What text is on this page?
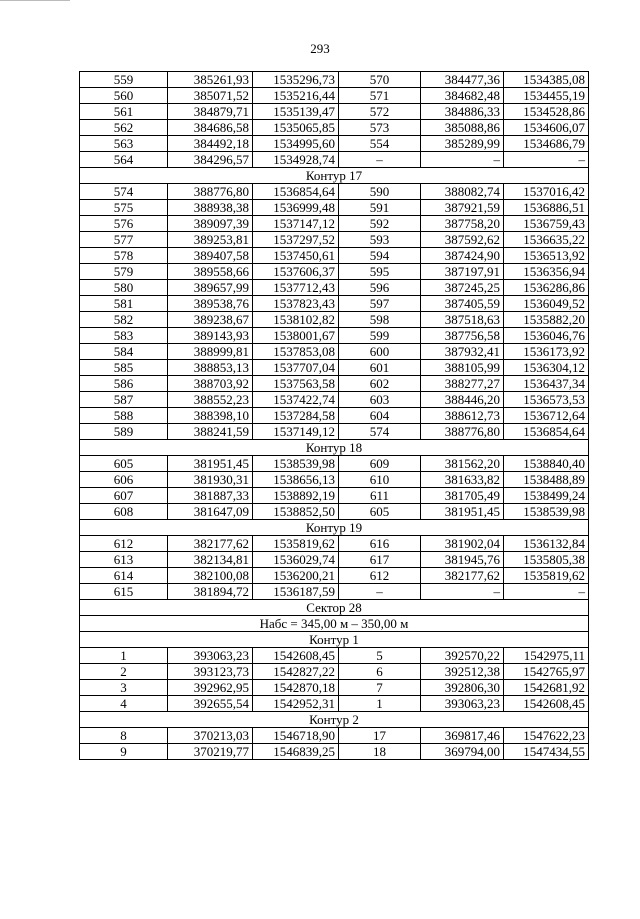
293
559	385261,93	1535296,73	570	384477,36	1534385,08
560	385071,52	1535216,44	571	384682,48	1534455,19
561	384879,71	1535139,47	572	384886,33	1534528,86
562	384686,58	1535065,85	573	385088,86	1534606,07
563	384492,18	1534995,60	554	385289,99	1534686,79
564	384296,57	1534928,74	–	–	–
Контур 17					
574	388776,80	1536854,64	590	388082,74	1537016,42
575	388938,38	1536999,48	591	387921,59	1536886,51
576	389097,39	1537147,12	592	387758,20	1536759,43
577	389253,81	1537297,52	593	387592,62	1536635,22
578	389407,58	1537450,61	594	387424,90	1536513,92
579	389558,66	1537606,37	595	387197,91	1536356,94
580	389657,99	1537712,43	596	387245,25	1536286,86
581	389538,76	1537823,43	597	387405,59	1536049,52
582	389238,67	1538102,82	598	387518,63	1535882,20
583	389143,93	1538001,67	599	387756,58	1536046,76
584	388999,81	1537853,08	600	387932,41	1536173,92
585	388853,13	1537707,04	601	388105,99	1536304,12
586	388703,92	1537563,58	602	388277,27	1536437,34
587	388552,23	1537422,74	603	388446,20	1536573,53
588	388398,10	1537284,58	604	388612,73	1536712,64
589	388241,59	1537149,12	574	388776,80	1536854,64
Контур 18					
605	381951,45	1538539,98	609	381562,20	1538840,40
606	381930,31	1538656,13	610	381633,82	1538488,89
607	381887,33	1538892,19	611	381705,49	1538499,24
608	381647,09	1538852,50	605	381951,45	1538539,98
Контур 19					
612	382177,62	1535819,62	616	381902,04	1536132,84
613	382134,81	1536029,74	617	381945,76	1535805,38
614	382100,08	1536200,21	612	382177,62	1535819,62
615	381894,72	1536187,59	–	–	–
Сектор 28					
Набс = 345,00 м – 350,00 м					
Контур 1					
1	393063,23	1542608,45	5	392570,22	1542975,11
2	393123,73	1542827,22	6	392512,38	1542765,97
3	392962,95	1542870,18	7	392806,30	1542681,92
4	392655,54	1542952,31	1	393063,23	1542608,45
Контур 2					
8	370213,03	1546718,90	17	369817,46	1547622,23
9	370219,77	1546839,25	18	369794,00	1547434,55
